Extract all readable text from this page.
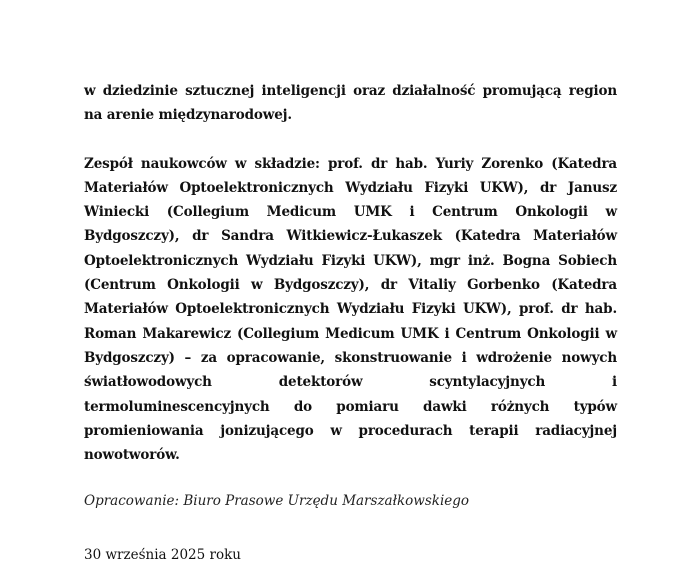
w dziedzinie sztucznej inteligencji oraz działalność promującą region na arenie międzynarodowej.

Zespół naukowców w składzie: prof. dr hab. Yuriy Zorenko (Katedra Materiałów Optoelektronicznych Wydziału Fizyki UKW), dr Janusz Winiecki (Collegium Medicum UMK i Centrum Onkologii w Bydgoszczy), dr Sandra Witkiewicz-Łukaszek (Katedra Materiałów Optoelektronicznych Wydziału Fizyki UKW), mgr inż. Bogna Sobiech (Centrum Onkologii w Bydgoszczy), dr Vitaliy Gorbenko (Katedra Materiałów Optoelektronicznych Wydziału Fizyki UKW), prof. dr hab. Roman Makarewicz (Collegium Medicum UMK i Centrum Onkologii w Bydgoszczy) – za opracowanie, skonstruowanie i wdrożenie nowych światłowodowych detektorów scyntylacyjnych i termoluminescencyjnych do pomiaru dawki różnych typów promieniowania jonizującego w procedurach terapii radiacyjnej nowotworów.

Opracowanie: Biuro Prasowe Urzędu Marszałkowskiego

30 września 2025 roku
